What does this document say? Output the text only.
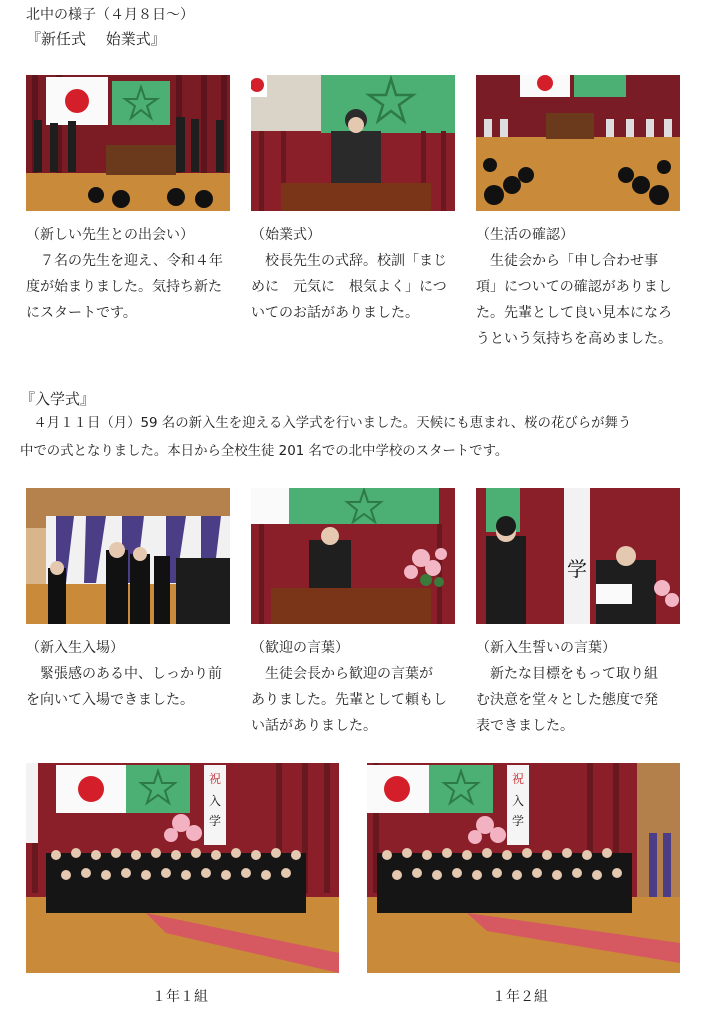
北中の様子（４月８日〜）
『新任式　 始業式』
（新しい先生との出会い）
　７名の先生を迎え、令和４年
度が始まりました。気持ち新た
にスタートです。
（始業式）
　校長先生の式辞。校訓「まじ
めに　元気に　根気よく」につ
いてのお話がありました。
（生活の確認）
　生徒会から「申し合わせ事
項」についての確認がありまし
た。先輩として良い見本になろ
うという気持ちを高めました。
『入学式』
　４月１１日（月）59 名の新入生を迎える入学式を行いました。天候にも恵まれ、桜の花びらが舞う
中での式となりました。本日から全校生徒 201 名での北中学校のスタートです。
学
（新入生入場）
　緊張感のある中、しっかり前
を向いて入場できました。
（歓迎の言葉）
　生徒会長から歓迎の言葉が
ありました。先輩として頼もし
い話がありました。
（新入生誓いの言葉）
　新たな目標をもって取り組
む決意を堂々とした態度で発
表できました。
祝
入
学
祝
入
学
１年１組	１年２組
